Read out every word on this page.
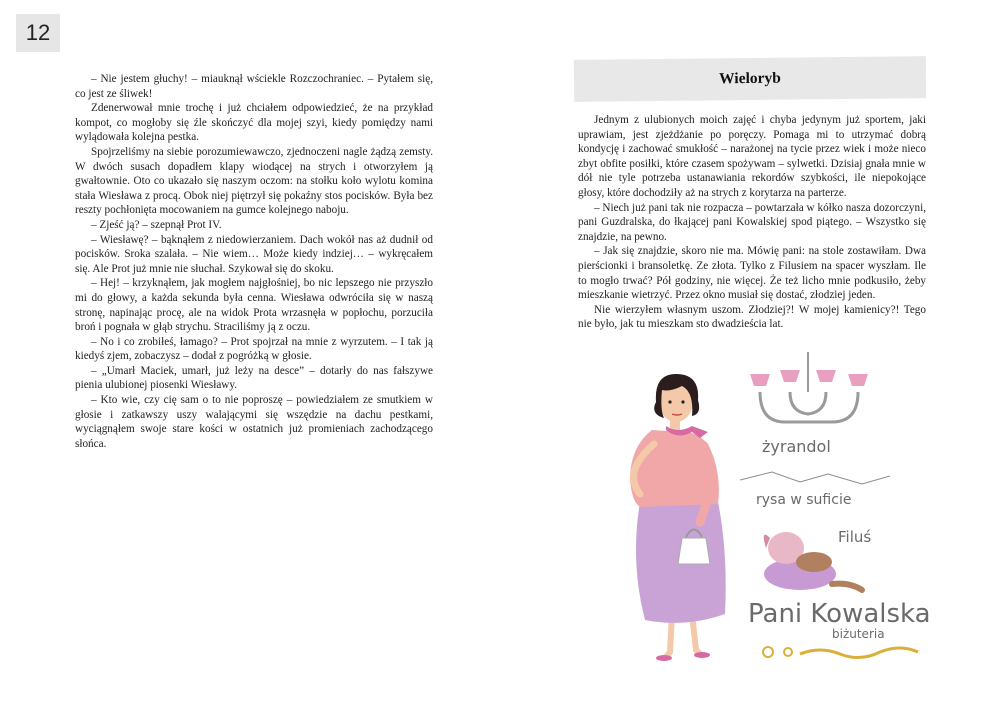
12

– Nie jestem głuchy! – miauknął wściekle Rozczochraniec. – Pytałem się, co jest ze śliwek!

Zdenerwował mnie trochę i już chciałem odpowiedzieć, że na przykład kompot, co mogłoby się źle skończyć dla mojej szyi, kiedy pomiędzy nami wylądowała kolejna pestka.

Spojrzeliśmy na siebie porozumiewawczo, zjednoczeni nagle żądzą zemsty. W dwóch susach dopadłem klapy wiodącej na strych i otworzyłem ją gwałtownie. Oto co ukazało się naszym oczom: na stołku koło wylotu komina stała Wiesława z procą. Obok niej piętrzył się pokaźny stos pocisków. Była bez reszty pochłonięta mocowaniem na gumce kolejnego naboju.

– Zjeść ją? – szepnął Prot IV.

– Wiesławę? – bąknąłem z niedowierzaniem. Dach wokół nas aż dudnił od pocisków. Sroka szalała. – Nie wiem… Może kiedy indziej… – wykręcałem się. Ale Prot już mnie nie słuchał. Szykował się do skoku.

– Hej! – krzyknąłem, jak mogłem najgłośniej, bo nic lepszego nie przyszło mi do głowy, a każda sekunda była cenna. Wiesława odwróciła się w naszą stronę, napinając procę, ale na widok Prota wrzasnęła w popłochu, porzuciła broń i pognała w głąb strychu. Straciliśmy ją z oczu.

– No i co zrobiłeś, łamago? – Prot spojrzał na mnie z wyrzutem. – I tak ją kiedyś zjem, zobaczysz – dodał z pogróżką w głosie.

– „Umarł Maciek, umarł, już leży na desce” – dotarły do nas fałszywe pienia ulubionej piosenki Wiesławy.

– Kto wie, czy cię sam o to nie poproszę – powiedziałem ze smutkiem w głosie i zatkawszy uszy walającymi się wszędzie na dachu pestkami, wyciągnąłem swoje stare kości w ostatnich już promieniach zachodzącego słońca.

Wieloryb

Jednym z ulubionych moich zajęć i chyba jedynym już sportem, jaki uprawiam, jest zjeżdżanie po poręczy. Pomaga mi to utrzymać dobrą kondycję i zachować smukłość – narażonej na tycie przez wiek i może nieco zbyt obfite posiłki, które czasem spożywam – sylwetki. Dzisiaj gnała mnie w dół nie tyle potrzeba ustanawiania rekordów szybkości, ile niepokojące głosy, które dochodziły aż na strych z korytarza na parterze.

– Niech już pani tak nie rozpacza – powtarzała w kółko nasza dozorczyni, pani Guzdralska, do łkającej pani Kowalskiej spod piątego. – Wszystko się znajdzie, na pewno.

– Jak się znajdzie, skoro nie ma. Mówię pani: na stole zostawiłam. Dwa pierścionki i bransoletkę. Ze złota. Tylko z Filusiem na spacer wyszłam. Ile to mogło trwać? Pół godziny, nie więcej. Że też licho mnie podkusiło, żeby mieszkanie wietrzyć. Przez okno musiał się dostać, złodziej jeden.

Nie wierzyłem własnym uszom. Złodziej?! W mojej kamienicy?! Tego nie było, jak tu mieszkam sto dwadzieścia lat.

żyrandol
rysa w suficie
Filuś
Pani Kowalska
biżuteria
